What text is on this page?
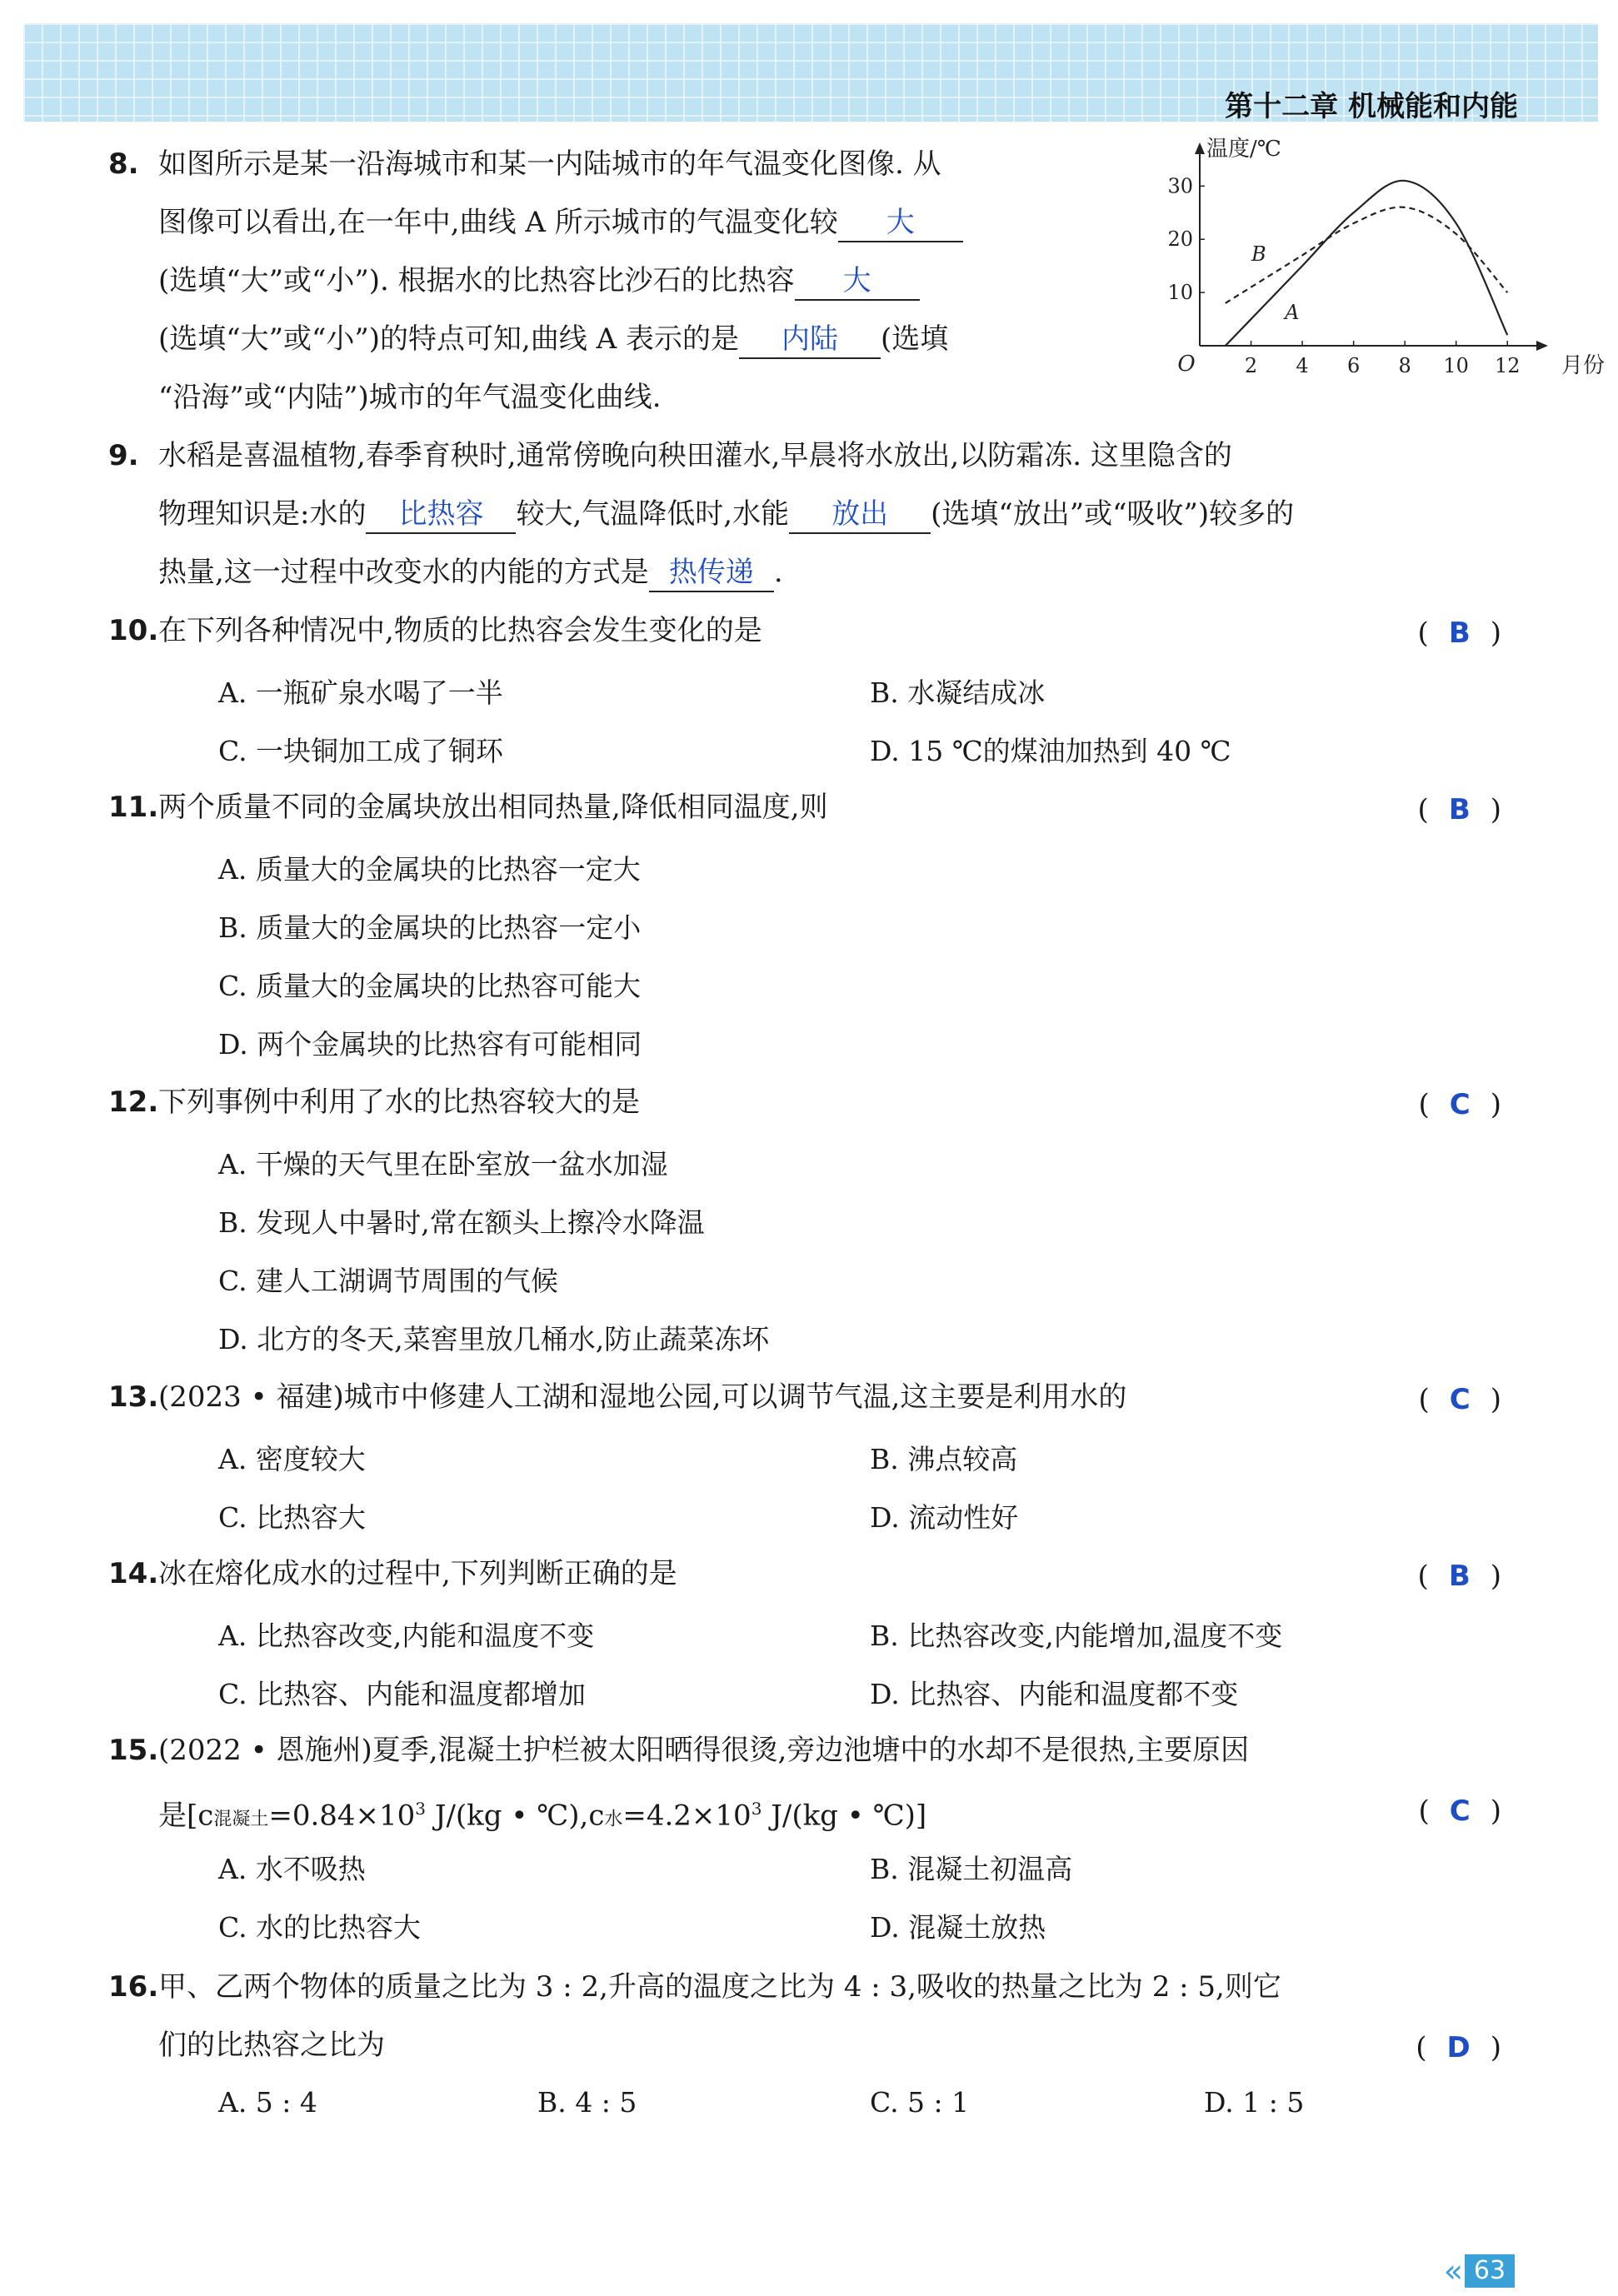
第十二章 机械能和内能
8. 如图所示是某一沿海城市和某一内陆城市的年气温变化图像. 从
图像可以看出,在一年中,曲线 A 所示城市的气温变化较 大
(选填“大”或“小”). 根据水的比热容比沙石的比热容 大
(选填“大”或“小”)的特点可知,曲线 A 表示的是 内陆 (选填
“沿海”或“内陆”)城市的年气温变化曲线.
2 4 6 8 10 12
10
20
30
O
温度/℃
月份
A
B
9. 水稻是喜温植物,春季育秧时,通常傍晚向秧田灌水,早晨将水放出,以防霜冻. 这里隐含的
物理知识是:水的 比热容 较大,气温降低时,水能 放出 (选填“放出”或“吸收”)较多的
热量,这一过程中改变水的内能的方式是 热传递 .
10. 在下列各种情况中,物质的比热容会发生变化的是	( B )
A. 一瓶矿泉水喝了一半	B. 水凝结成冰
C. 一块铜加工成了铜环	D. 15 ℃的煤油加热到 40 ℃
11. 两个质量不同的金属块放出相同热量,降低相同温度,则	( B )
A. 质量大的金属块的比热容一定大
B. 质量大的金属块的比热容一定小
C. 质量大的金属块的比热容可能大
D. 两个金属块的比热容有可能相同
12. 下列事例中利用了水的比热容较大的是	( C )
A. 干燥的天气里在卧室放一盆水加湿
B. 发现人中暑时,常在额头上擦冷水降温
C. 建人工湖调节周围的气候
D. 北方的冬天,菜窖里放几桶水,防止蔬菜冻坏
13. (2023 • 福建)城市中修建人工湖和湿地公园,可以调节气温,这主要是利用水的	( C )
A. 密度较大	B. 沸点较高
C. 比热容大	D. 流动性好
14. 冰在熔化成水的过程中,下列判断正确的是	( B )
A. 比热容改变,内能和温度不变	B. 比热容改变,内能增加,温度不变
C. 比热容、内能和温度都增加	D. 比热容、内能和温度都不变
15. (2022 • 恩施州)夏季,混凝土护栏被太阳晒得很烫,旁边池塘中的水却不是很热,主要原因
是[c混凝土$=0.84\times 10^3$ J/(kg • ℃),c水$=4.2\times 10^3$ J/(kg • ℃)]	( C )
A. 水不吸热	B. 混凝土初温高
C. 水的比热容大	D. 混凝土放热
16. 甲、乙两个物体的质量之比为 3 : 2,升高的温度之比为 4 : 3,吸收的热量之比为 2 : 5,则它
们的比热容之比为	( D )
A. 5 : 4	B. 4 : 5	C. 5 : 1	D. 1 : 5
« 63
